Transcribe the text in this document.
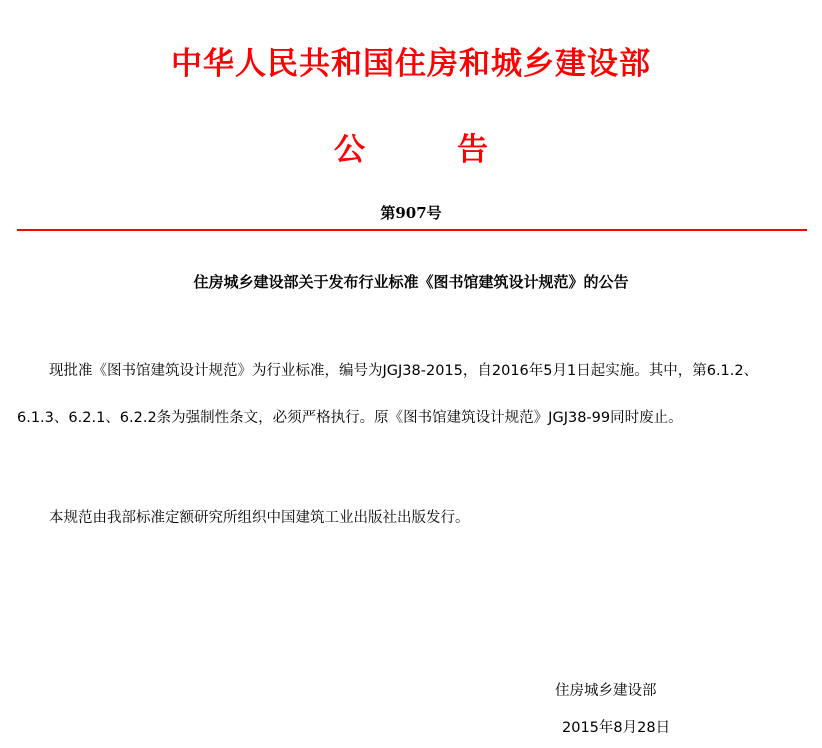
中华人民共和国住房和城乡建设部
公	告
第907号
住房城乡建设部关于发布行业标准《图书馆建筑设计规范》的公告

现批准《图书馆建筑设计规范》为行业标准，编号为JGJ38-2015，自2016年5月1日起实施。其中，第6.1.2、6.1.3、6.2.1、6.2.2条为强制性条文，必须严格执行。原《图书馆建筑设计规范》JGJ38-99同时废止。

本规范由我部标准定额研究所组织中国建筑工业出版社出版发行。

住房城乡建设部
2015年8月28日
